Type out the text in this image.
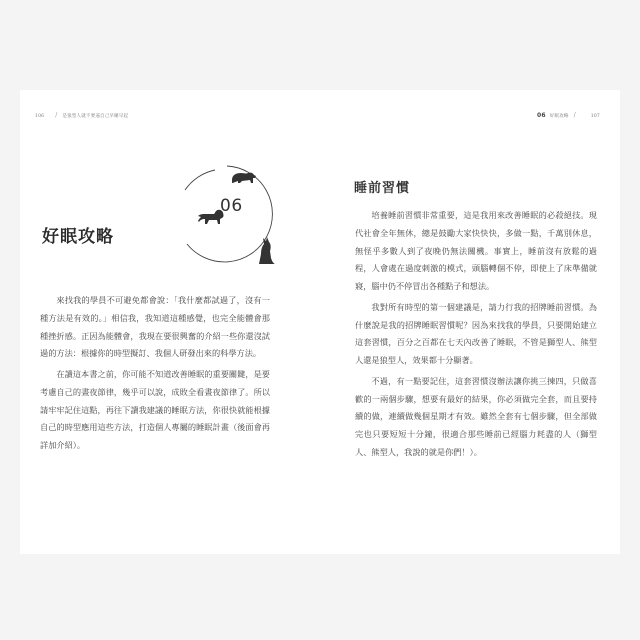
106 / 是狼型人就不要逼自己早睡早起
好眠攻略
06

來找我的學員不可避免都會說：「我什麼都試過了，沒有一種方法是有效的。」相信我，我知道這種感覺，也完全能體會那種挫折感。正因為能體會，我現在要很興奮的介紹一些你還沒試過的方法：根據你的時型擬訂、我個人研發出來的科學方法。

在讀這本書之前，你可能不知道改善睡眠的重要關鍵，是要考慮自己的晝夜節律，幾乎可以說，成敗全看晝夜節律了。所以請牢牢記住這點，再往下讀我建議的睡眠方法，你很快就能根據自己的時型應用這些方法，打造個人專屬的睡眠計畫（後面會再詳加介紹）。

06 好眠攻略 /	107
睡前習慣

培養睡前習慣非常重要，這是我用來改善睡眠的必殺絕技。現代社會全年無休，總是鼓勵大家快快快，多做一點，千萬別休息，無怪乎多數人到了夜晚仍無法關機。事實上，睡前沒有放鬆的過程，人會處在過度刺激的模式，頭腦轉個不停，即使上了床準備就寢，腦中仍不停冒出各種點子和想法。

我對所有時型的第一個建議是，請力行我的招牌睡前習慣。為什麼說是我的招牌睡眠習慣呢？因為來找我的學員，只要開始建立這套習慣，百分之百都在七天內改善了睡眠，不管是獅型人、熊型人還是狼型人，效果都十分顯著。

不過，有一點要記住，這套習慣沒辦法讓你挑三揀四，只做喜歡的一兩個步驟，想要有最好的結果，你必須做完全套，而且要持續的做，連續做幾個星期才有效。雖然全套有七個步驟，但全部做完也只要短短十分鐘，很適合那些睡前已經腦力耗盡的人（獅型人、熊型人，我說的就是你們！）。
